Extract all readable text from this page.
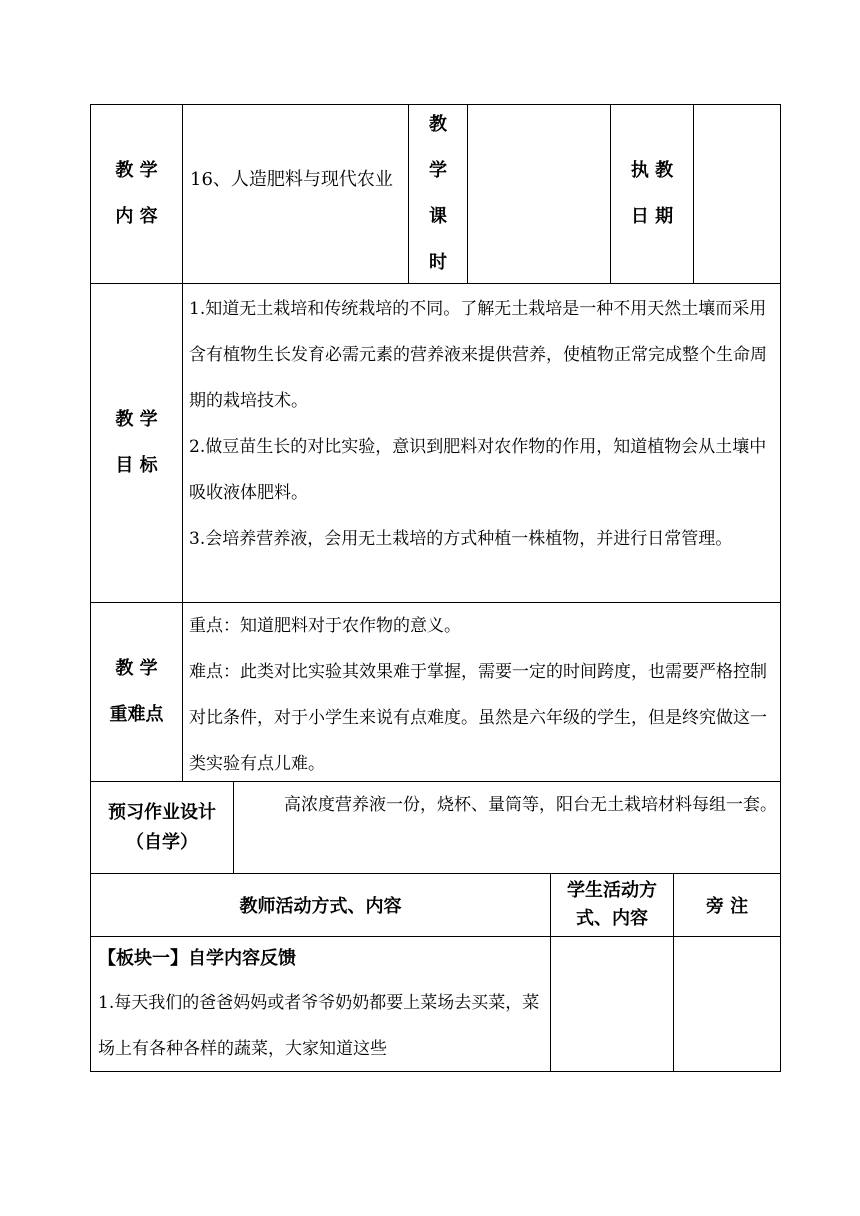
教 学
内 容
16、人造肥料与现代农业
教
学
课
时
执 教
日 期
教 学
目 标
1.知道无土栽培和传统栽培的不同。了解无土栽培是一种不用天然土壤而采用含有植物生长发育必需元素的营养液来提供营养，使植物正常完成整个生命周期的栽培技术。
2.做豆苗生长的对比实验，意识到肥料对农作物的作用，知道植物会从土壤中吸收液体肥料。
3.会培养营养液，会用无土栽培的方式种植一株植物，并进行日常管理。
教 学
重难点
重点：知道肥料对于农作物的意义。
难点：此类对比实验其效果难于掌握，需要一定的时间跨度，也需要严格控制对比条件，对于小学生来说有点难度。虽然是六年级的学生，但是终究做这一类实验有点儿难。
预习作业设计
（自学）
高浓度营养液一份，烧杯、量筒等，阳台无土栽培材料每组一套。
教师活动方式、内容
学生活动方
式、内容
旁 注
【板块一】自学内容反馈
1.每天我们的爸爸妈妈或者爷爷奶奶都要上菜场去买菜，菜场上有各种各样的蔬菜，大家知道这些
